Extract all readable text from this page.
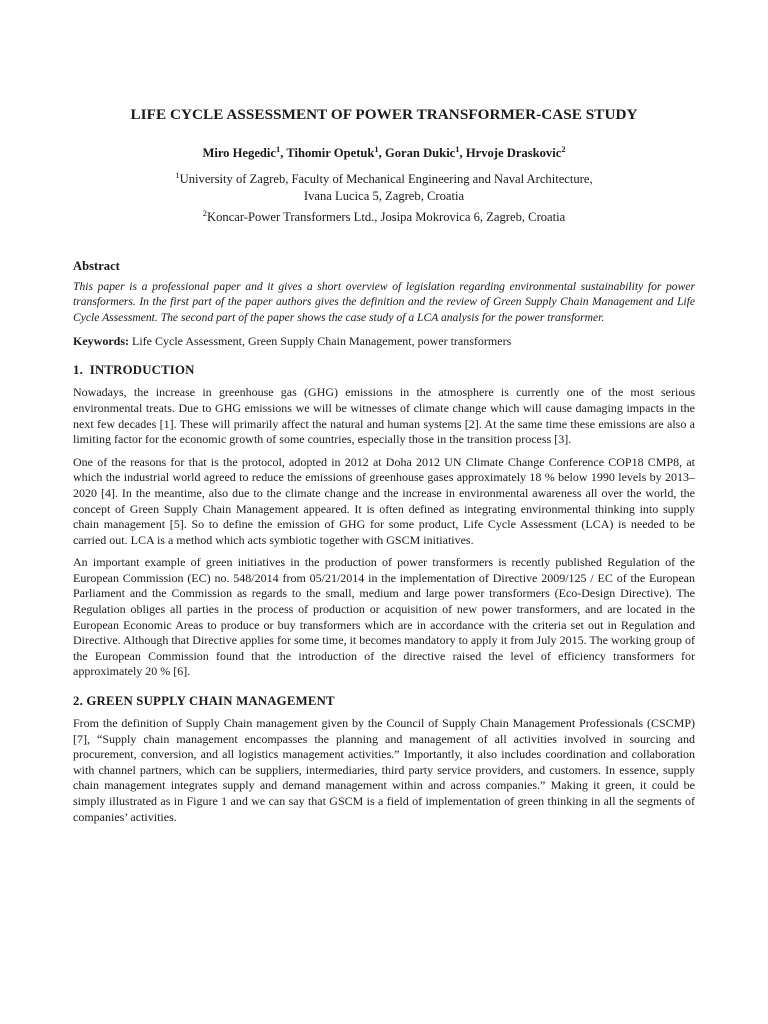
LIFE CYCLE ASSESSMENT OF POWER TRANSFORMER-CASE STUDY
Miro Hegedic$^1$, Tihomir Opetuk$^1$, Goran Dukic$^1$, Hrvoje Draskovic$^2$
$^1$University of Zagreb, Faculty of Mechanical Engineering and Naval Architecture,
Ivana Lucica 5, Zagreb, Croatia
$^2$Koncar-Power Transformers Ltd., Josipa Mokrovica 6, Zagreb, Croatia
Abstract

This paper is a professional paper and it gives a short overview of legislation regarding environmental sustainability for power transformers. In the first part of the paper authors gives the definition and the review of Green Supply Chain Management and Life Cycle Assessment. The second part of the paper shows the case study of a LCA analysis for the power transformer.

Keywords: Life Cycle Assessment, Green Supply Chain Management, power transformers

1.  INTRODUCTION

Nowadays, the increase in greenhouse gas (GHG) emissions in the atmosphere is currently one of the most serious environmental treats. Due to GHG emissions we will be witnesses of climate change which will cause damaging impacts in the next few decades [1]. These will primarily affect the natural and human systems [2]. At the same time these emissions are also a limiting factor for the economic growth of some countries, especially those in the transition process [3].

One of the reasons for that is the protocol, adopted in 2012 at Doha 2012 UN Climate Change Conference COP18 CMP8, at which the industrial world agreed to reduce the emissions of greenhouse gases approximately 18 % below 1990 levels by 2013–2020 [4]. In the meantime, also due to the climate change and the increase in environmental awareness all over the world, the concept of Green Supply Chain Management appeared. It is often defined as integrating environmental thinking into supply chain management [5]. So to define the emission of GHG for some product, Life Cycle Assessment (LCA) is needed to be carried out. LCA is a method which acts symbiotic together with GSCM initiatives.

An important example of green initiatives in the production of power transformers is recently published Regulation of the European Commission (EC) no. 548/2014 from 05/21/2014 in the implementation of Directive 2009/125 / EC of the European Parliament and the Commission as regards to the small, medium and large power transformers (Eco-Design Directive). The Regulation obliges all parties in the process of production or acquisition of new power transformers, and are located in the European Economic Areas to produce or buy transformers which are in accordance with the criteria set out in Regulation and Directive. Although that Directive applies for some time, it becomes mandatory to apply it from July 2015. The working group of the European Commission found that the introduction of the directive raised the level of efficiency transformers for approximately 20 % [6].

2. GREEN SUPPLY CHAIN MANAGEMENT

From the definition of Supply Chain management given by the Council of Supply Chain Management Professionals (CSCMP) [7], “Supply chain management encompasses the planning and management of all activities involved in sourcing and procurement, conversion, and all logistics management activities.” Importantly, it also includes coordination and collaboration with channel partners, which can be suppliers, intermediaries, third party service providers, and customers. In essence, supply chain management integrates supply and demand management within and across companies.” Making it green, it could be simply illustrated as in Figure 1 and we can say that GSCM is a field of implementation of green thinking in all the segments of companies’ activities.
